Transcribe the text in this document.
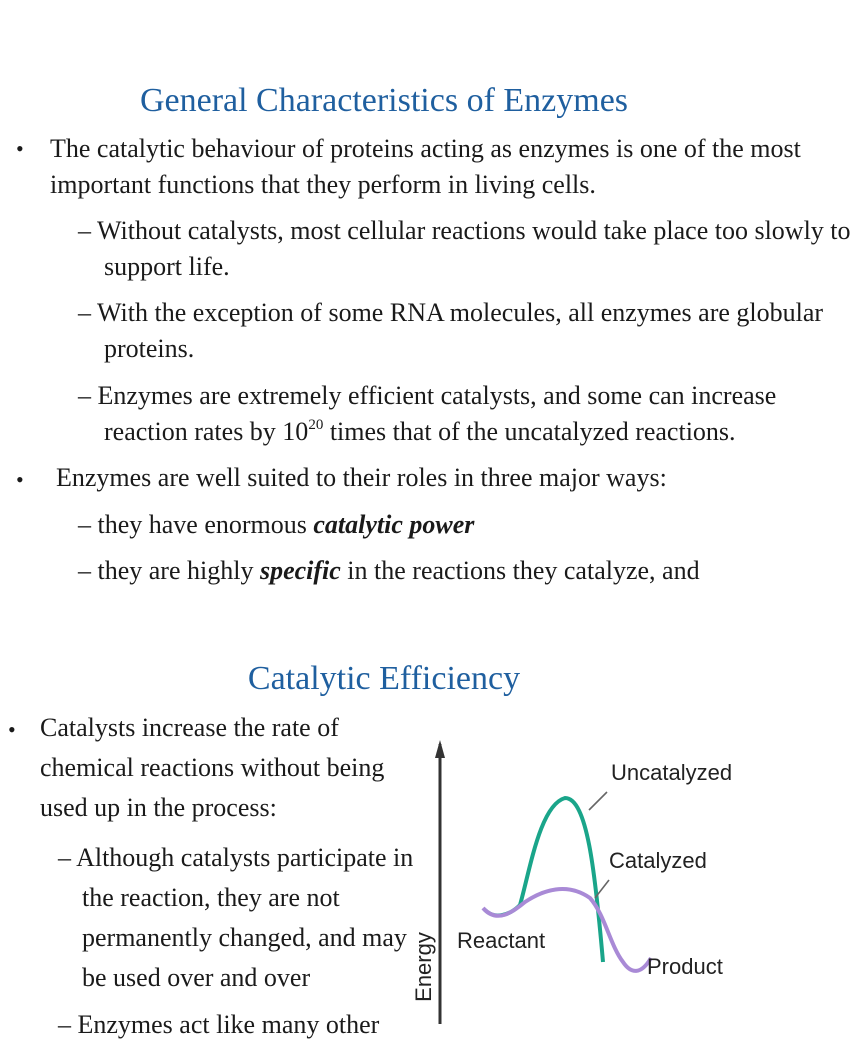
General Characteristics of Enzymes
• The catalytic behaviour of proteins acting as enzymes is one of the most
important functions that they perform in living cells.
– Without catalysts, most cellular reactions would take place too slowly to
support life.
– With the exception of some RNA molecules, all enzymes are globular
proteins.
– Enzymes are extremely efficient catalysts, and some can increase
reaction rates by $10^{20}$ times that of the uncatalyzed reactions.
• Enzymes are well suited to their roles in three major ways:
– they have enormous catalytic power
– they are highly specific in the reactions they catalyze, and
Catalytic Efficiency
• Catalysts increase the rate of
chemical reactions without being
used up in the process:
– Although catalysts participate in
the reaction, they are not
permanently changed, and may
be used over and over
– Enzymes act like many other
Energy
Uncatalyzed
Catalyzed
Reactant
Product
